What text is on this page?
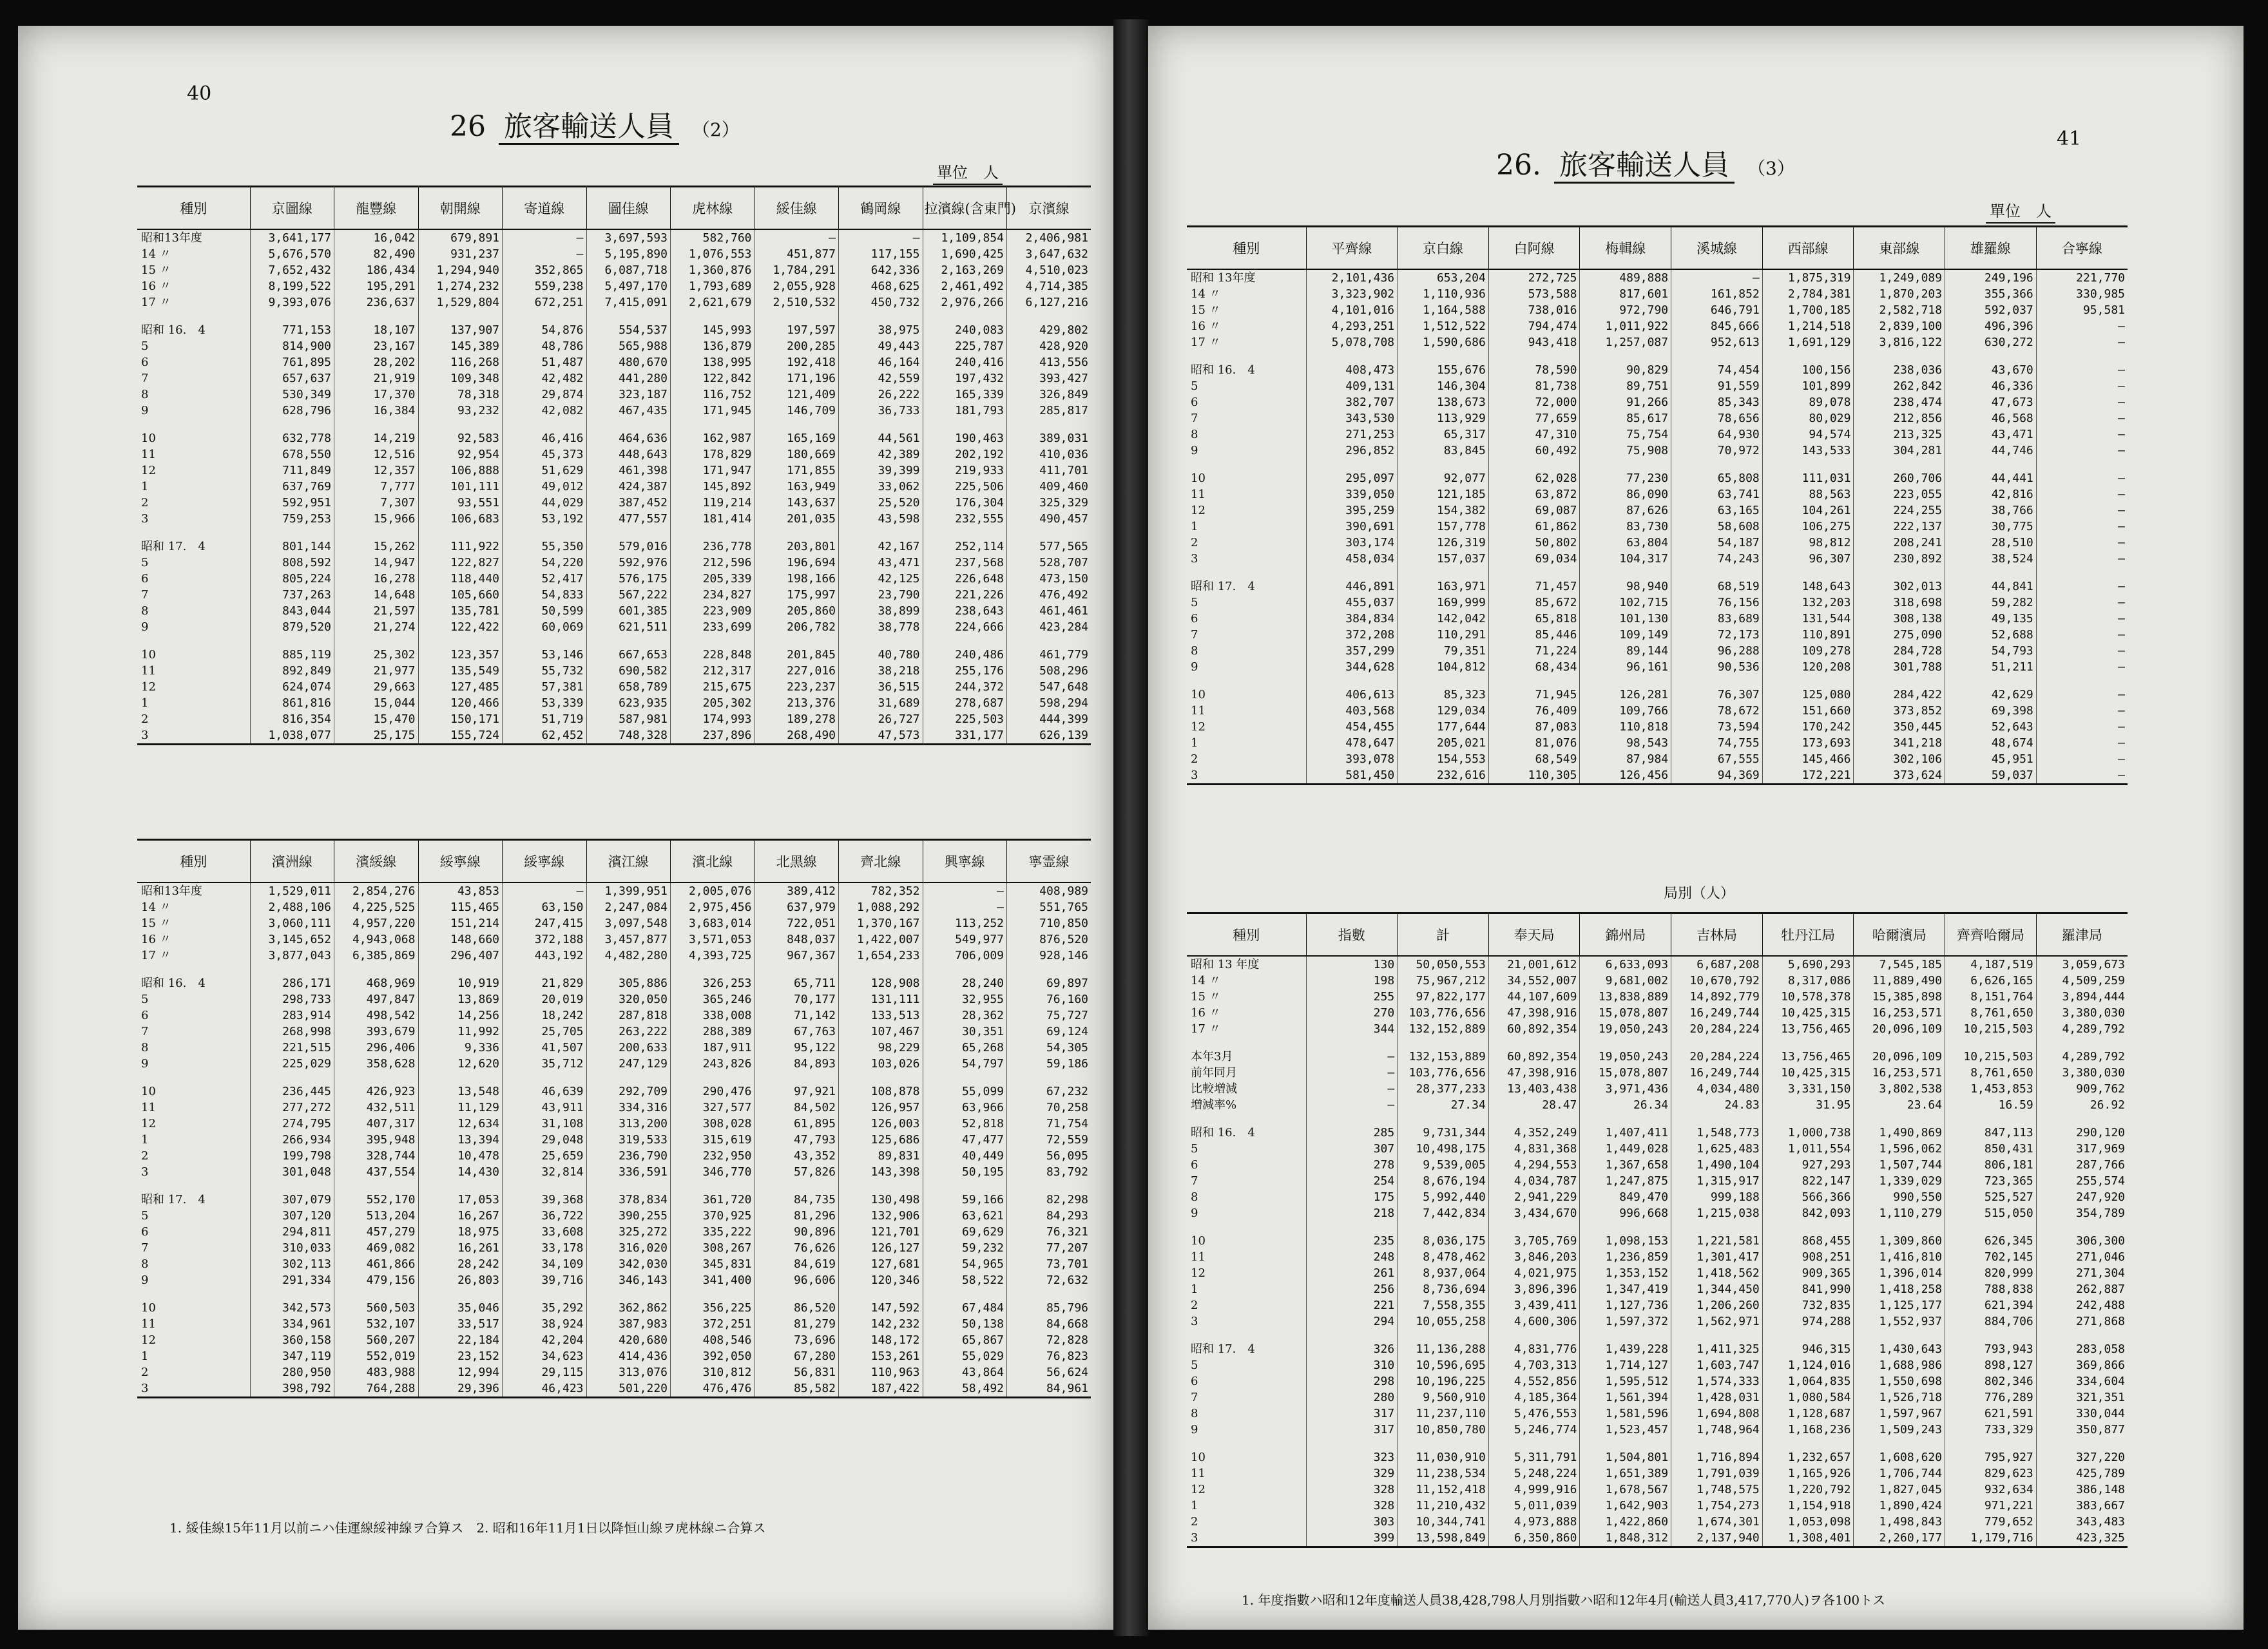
40
26 旅客輸送人員 （2）
單位　人
種別	京圖線	龍豐線	朝開線	寄道線	圖佳線	虎林線	綏佳線	鶴岡線	拉濱線(含東門)	京濱線
昭和13年度	3,641,177	16,042	679,891	—	3,697,593	582,760	—	—	1,109,854	2,406,981
14 〃	5,676,570	82,490	931,237	—	5,195,890	1,076,553	451,877	117,155	1,690,425	3,647,632
15 〃	7,652,432	186,434	1,294,940	352,865	6,087,718	1,360,876	1,784,291	642,336	2,163,269	4,510,023
16 〃	8,199,522	195,291	1,274,232	559,238	5,497,170	1,793,689	2,055,928	468,625	2,461,492	4,714,385
17 〃	9,393,076	236,637	1,529,804	672,251	7,415,091	2,621,679	2,510,532	450,732	2,976,266	6,127,216

昭和 16.　4	771,153	18,107	137,907	54,876	554,537	145,993	197,597	38,975	240,083	429,802
5	814,900	23,167	145,389	48,786	565,988	136,879	200,285	49,443	225,787	428,920
6	761,895	28,202	116,268	51,487	480,670	138,995	192,418	46,164	240,416	413,556
7	657,637	21,919	109,348	42,482	441,280	122,842	171,196	42,559	197,432	393,427
8	530,349	17,370	78,318	29,874	323,187	116,752	121,409	26,222	165,339	326,849
9	628,796	16,384	93,232	42,082	467,435	171,945	146,709	36,733	181,793	285,817

10	632,778	14,219	92,583	46,416	464,636	162,987	165,169	44,561	190,463	389,031
11	678,550	12,516	92,954	45,373	448,643	178,829	180,669	42,389	202,192	410,036
12	711,849	12,357	106,888	51,629	461,398	171,947	171,855	39,399	219,933	411,701
1	637,769	7,777	101,111	49,012	424,387	145,892	163,949	33,062	225,506	409,460
2	592,951	7,307	93,551	44,029	387,452	119,214	143,637	25,520	176,304	325,329
3	759,253	15,966	106,683	53,192	477,557	181,414	201,035	43,598	232,555	490,457

昭和 17.　4	801,144	15,262	111,922	55,350	579,016	236,778	203,801	42,167	252,114	577,565
5	808,592	14,947	122,827	54,220	592,976	212,596	196,694	43,471	237,568	528,707
6	805,224	16,278	118,440	52,417	576,175	205,339	198,166	42,125	226,648	473,150
7	737,263	14,648	105,660	54,833	567,222	234,827	175,997	23,790	221,226	476,492
8	843,044	21,597	135,781	50,599	601,385	223,909	205,860	38,899	238,643	461,461
9	879,520	21,274	122,422	60,069	621,511	233,699	206,782	38,778	224,666	423,284

10	885,119	25,302	123,357	53,146	667,653	228,848	201,845	40,780	240,486	461,779
11	892,849	21,977	135,549	55,732	690,582	212,317	227,016	38,218	255,176	508,296
12	624,074	29,663	127,485	57,381	658,789	215,675	223,237	36,515	244,372	547,648
1	861,816	15,044	120,466	53,339	623,935	205,302	213,376	31,689	278,687	598,294
2	816,354	15,470	150,171	51,719	587,981	174,993	189,278	26,727	225,503	444,399
3	1,038,077	25,175	155,724	62,452	748,328	237,896	268,490	47,573	331,177	626,139
種別	濱洲線	濱綏線	綏寧線	綏寧線	濱江線	濱北線	北黑線	齊北線	興寧線	寧霊線
昭和13年度	1,529,011	2,854,276	43,853	—	1,399,951	2,005,076	389,412	782,352	—	408,989
14 〃	2,488,106	4,225,525	115,465	63,150	2,247,084	2,975,456	637,979	1,088,292	—	551,765
15 〃	3,060,111	4,957,220	151,214	247,415	3,097,548	3,683,014	722,051	1,370,167	113,252	710,850
16 〃	3,145,652	4,943,068	148,660	372,188	3,457,877	3,571,053	848,037	1,422,007	549,977	876,520
17 〃	3,877,043	6,385,869	296,407	443,192	4,482,280	4,393,725	967,367	1,654,233	706,009	928,146

昭和 16.　4	286,171	468,969	10,919	21,829	305,886	326,253	65,711	128,908	28,240	69,897
5	298,733	497,847	13,869	20,019	320,050	365,246	70,177	131,111	32,955	76,160
6	283,914	498,542	14,256	18,242	287,818	338,008	71,142	133,513	28,362	75,727
7	268,998	393,679	11,992	25,705	263,222	288,389	67,763	107,467	30,351	69,124
8	221,515	296,406	9,336	41,507	200,633	187,911	95,122	98,229	65,268	54,305
9	225,029	358,628	12,620	35,712	247,129	243,826	84,893	103,026	54,797	59,186

10	236,445	426,923	13,548	46,639	292,709	290,476	97,921	108,878	55,099	67,232
11	277,272	432,511	11,129	43,911	334,316	327,577	84,502	126,957	63,966	70,258
12	274,795	407,317	12,634	31,108	313,200	308,028	61,895	126,003	52,818	71,754
1	266,934	395,948	13,394	29,048	319,533	315,619	47,793	125,686	47,477	72,559
2	199,798	328,744	10,478	25,659	236,790	232,950	43,352	89,831	40,449	56,095
3	301,048	437,554	14,430	32,814	336,591	346,770	57,826	143,398	50,195	83,792

昭和 17.　4	307,079	552,170	17,053	39,368	378,834	361,720	84,735	130,498	59,166	82,298
5	307,120	513,204	16,267	36,722	390,255	370,925	81,296	132,906	63,621	84,293
6	294,811	457,279	18,975	33,608	325,272	335,222	90,896	121,701	69,629	76,321
7	310,033	469,082	16,261	33,178	316,020	308,267	76,626	126,127	59,232	77,207
8	302,113	461,866	28,242	34,109	342,030	345,831	84,619	127,681	54,965	73,701
9	291,334	479,156	26,803	39,716	346,143	341,400	96,606	120,346	58,522	72,632

10	342,573	560,503	35,046	35,292	362,862	356,225	86,520	147,592	67,484	85,796
11	334,961	532,107	33,517	38,924	387,983	372,251	81,279	142,232	50,138	84,668
12	360,158	560,207	22,184	42,204	420,680	408,546	73,696	148,172	65,867	72,828
1	347,119	552,019	23,152	34,623	414,436	392,050	67,280	153,261	55,029	76,823
2	280,950	483,988	12,994	29,115	313,076	310,812	56,831	110,963	43,864	56,624
3	398,792	764,288	29,396	46,423	501,220	476,476	85,582	187,422	58,492	84,961
1. 綏佳線15年11月以前ニハ佳運線綏神線ヲ合算ス　2. 昭和16年11月1日以降恒山線ヲ虎林線ニ合算ス
41
26. 旅客輸送人員 （3）
單位　人
種別	平齊線	京白線	白阿線	梅輯線	溪城線	西部線	東部線	雄羅線	合寧線
昭和 13年度	2,101,436	653,204	272,725	489,888	—	1,875,319	1,249,089	249,196	221,770
14 〃	3,323,902	1,110,936	573,588	817,601	161,852	2,784,381	1,870,203	355,366	330,985
15 〃	4,101,016	1,164,588	738,016	972,790	646,791	1,700,185	2,582,718	592,037	95,581
16 〃	4,293,251	1,512,522	794,474	1,011,922	845,666	1,214,518	2,839,100	496,396	—
17 〃	5,078,708	1,590,686	943,418	1,257,087	952,613	1,691,129	3,816,122	630,272	—

昭和 16.　4	408,473	155,676	78,590	90,829	74,454	100,156	238,036	43,670	—
5	409,131	146,304	81,738	89,751	91,559	101,899	262,842	46,336	—
6	382,707	138,673	72,000	91,266	85,343	89,078	238,474	47,673	—
7	343,530	113,929	77,659	85,617	78,656	80,029	212,856	46,568	—
8	271,253	65,317	47,310	75,754	64,930	94,574	213,325	43,471	—
9	296,852	83,845	60,492	75,908	70,972	143,533	304,281	44,746	—

10	295,097	92,077	62,028	77,230	65,808	111,031	260,706	44,441	—
11	339,050	121,185	63,872	86,090	63,741	88,563	223,055	42,816	—
12	395,259	154,382	69,087	87,626	63,165	104,261	224,255	38,766	—
1	390,691	157,778	61,862	83,730	58,608	106,275	222,137	30,775	—
2	303,174	126,319	50,802	63,804	54,187	98,812	208,241	28,510	—
3	458,034	157,037	69,034	104,317	74,243	96,307	230,892	38,524	—

昭和 17.　4	446,891	163,971	71,457	98,940	68,519	148,643	302,013	44,841	—
5	455,037	169,999	85,672	102,715	76,156	132,203	318,698	59,282	—
6	384,834	142,042	65,818	101,130	83,689	131,544	308,138	49,135	—
7	372,208	110,291	85,446	109,149	72,173	110,891	275,090	52,688	—
8	357,299	79,351	71,224	89,144	96,288	109,278	284,728	54,793	—
9	344,628	104,812	68,434	96,161	90,536	120,208	301,788	51,211	—

10	406,613	85,323	71,945	126,281	76,307	125,080	284,422	42,629	—
11	403,568	129,034	76,409	109,766	78,672	151,660	373,852	69,398	—
12	454,455	177,644	87,083	110,818	73,594	170,242	350,445	52,643	—
1	478,647	205,021	81,076	98,543	74,755	173,693	341,218	48,674	—
2	393,078	154,553	68,549	87,984	67,555	145,466	302,106	45,951	—
3	581,450	232,616	110,305	126,456	94,369	172,221	373,624	59,037	—
局別（人）
種別	指數	計	奉天局	錦州局	吉林局	牡丹江局	哈爾濱局	齊齊哈爾局	羅津局
昭和 13 年度	130	50,050,553	21,001,612	6,633,093	6,687,208	5,690,293	7,545,185	4,187,519	3,059,673
14 〃	198	75,967,212	34,552,007	9,681,002	10,670,792	8,317,086	11,889,490	6,626,165	4,509,259
15 〃	255	97,822,177	44,107,609	13,838,889	14,892,779	10,578,378	15,385,898	8,151,764	3,894,444
16 〃	270	103,776,656	47,398,916	15,078,807	16,249,744	10,425,315	16,253,571	8,761,650	3,380,030
17 〃	344	132,152,889	60,892,354	19,050,243	20,284,224	13,756,465	20,096,109	10,215,503	4,289,792

本年3月	—	132,153,889	60,892,354	19,050,243	20,284,224	13,756,465	20,096,109	10,215,503	4,289,792
前年同月	—	103,776,656	47,398,916	15,078,807	16,249,744	10,425,315	16,253,571	8,761,650	3,380,030
比較増減	—	28,377,233	13,403,438	3,971,436	4,034,480	3,331,150	3,802,538	1,453,853	909,762
増減率%	—	27.34	28.47	26.34	24.83	31.95	23.64	16.59	26.92

昭和 16.　4	285	9,731,344	4,352,249	1,407,411	1,548,773	1,000,738	1,490,869	847,113	290,120
5	307	10,498,175	4,831,368	1,449,028	1,625,483	1,011,554	1,596,062	850,431	317,969
6	278	9,539,005	4,294,553	1,367,658	1,490,104	927,293	1,507,744	806,181	287,766
7	254	8,676,194	4,034,787	1,247,875	1,315,917	822,147	1,339,029	723,365	255,574
8	175	5,992,440	2,941,229	849,470	999,188	566,366	990,550	525,527	247,920
9	218	7,442,834	3,434,670	996,668	1,215,038	842,093	1,110,279	515,050	354,789

10	235	8,036,175	3,705,769	1,098,153	1,221,581	868,455	1,309,860	626,345	306,300
11	248	8,478,462	3,846,203	1,236,859	1,301,417	908,251	1,416,810	702,145	271,046
12	261	8,937,064	4,021,975	1,353,152	1,418,562	909,365	1,396,014	820,999	271,304
1	256	8,736,694	3,896,396	1,347,419	1,344,450	841,990	1,418,258	788,838	262,887
2	221	7,558,355	3,439,411	1,127,736	1,206,260	732,835	1,125,177	621,394	242,488
3	294	10,055,258	4,600,306	1,597,372	1,562,971	974,288	1,552,937	884,706	271,868

昭和 17.　4	326	11,136,288	4,831,776	1,439,228	1,411,325	946,315	1,430,643	793,943	283,058
5	310	10,596,695	4,703,313	1,714,127	1,603,747	1,124,016	1,688,986	898,127	369,866
6	298	10,196,225	4,552,856	1,595,512	1,574,333	1,064,835	1,550,698	802,346	334,604
7	280	9,560,910	4,185,364	1,561,394	1,428,031	1,080,584	1,526,718	776,289	321,351
8	317	11,237,110	5,476,553	1,581,596	1,694,808	1,128,687	1,597,967	621,591	330,044
9	317	10,850,780	5,246,774	1,523,457	1,748,964	1,168,236	1,509,243	733,329	350,877

10	323	11,030,910	5,311,791	1,504,801	1,716,894	1,232,657	1,608,620	795,927	327,220
11	329	11,238,534	5,248,224	1,651,389	1,791,039	1,165,926	1,706,744	829,623	425,789
12	328	11,152,418	4,999,916	1,678,567	1,748,575	1,220,792	1,827,045	932,634	386,148
1	328	11,210,432	5,011,039	1,642,903	1,754,273	1,154,918	1,890,424	971,221	383,667
2	303	10,344,741	4,973,888	1,422,860	1,674,301	1,053,098	1,498,843	779,652	343,483
3	399	13,598,849	6,350,860	1,848,312	2,137,940	1,308,401	2,260,177	1,179,716	423,325
1. 年度指數ハ昭和12年度輸送人員38,428,798人月別指數ハ昭和12年4月(輸送人員3,417,770人)ヲ各100トス
